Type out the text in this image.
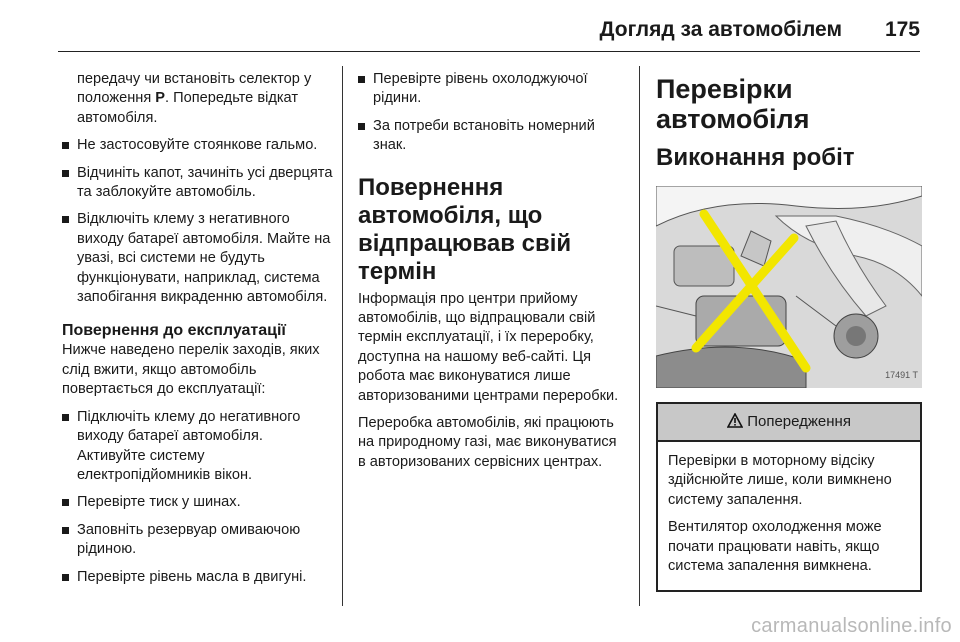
Догляд за автомобілем 175
передачу чи встановіть селектор у положення P. Попередьте відкат автомобіля.
Не застосовуйте стоянкове гальмо.
Відчиніть капот, зачиніть усі дверцята та заблокуйте автомобіль.
Відключіть клему з негативного виходу батареї автомобіля. Майте на увазі, всі системи не будуть функціонувати, наприклад, система запобігання викраденню автомобіля.
Повернення до експлуатації
Нижче наведено перелік заходів, яких слід вжити, якщо автомобіль повертається до експлуатації:
Підключіть клему до негативного виходу батареї автомобіля. Активуйте систему електропідйомників вікон.
Перевірте тиск у шинах.
Заповніть резервуар омиваючою рідиною.
Перевірте рівень масла в двигуні.
Перевірте рівень охолоджуючої рідини.
За потреби встановіть номерний знак.
Повернення автомобіля, що відпрацював свій термін
Інформація про центри прийому автомобілів, що відпрацювали свій термін експлуатації, і їх переробку, доступна на нашому веб-сайті. Ця робота має виконуватися лише авторизованими центрами переробки.
Переробка автомобілів, які працюють на природному газі, має виконуватися в авторизованих сервісних центрах.
Перевірки автомобіля
Виконання робіт
17491 T
Попередження
Перевірки в моторному відсіку здійснюйте лише, коли вимкнено систему запалення.
Вентилятор охолодження може почати працювати навіть, якщо система запалення вимкнена.
carmanualsonline.info
